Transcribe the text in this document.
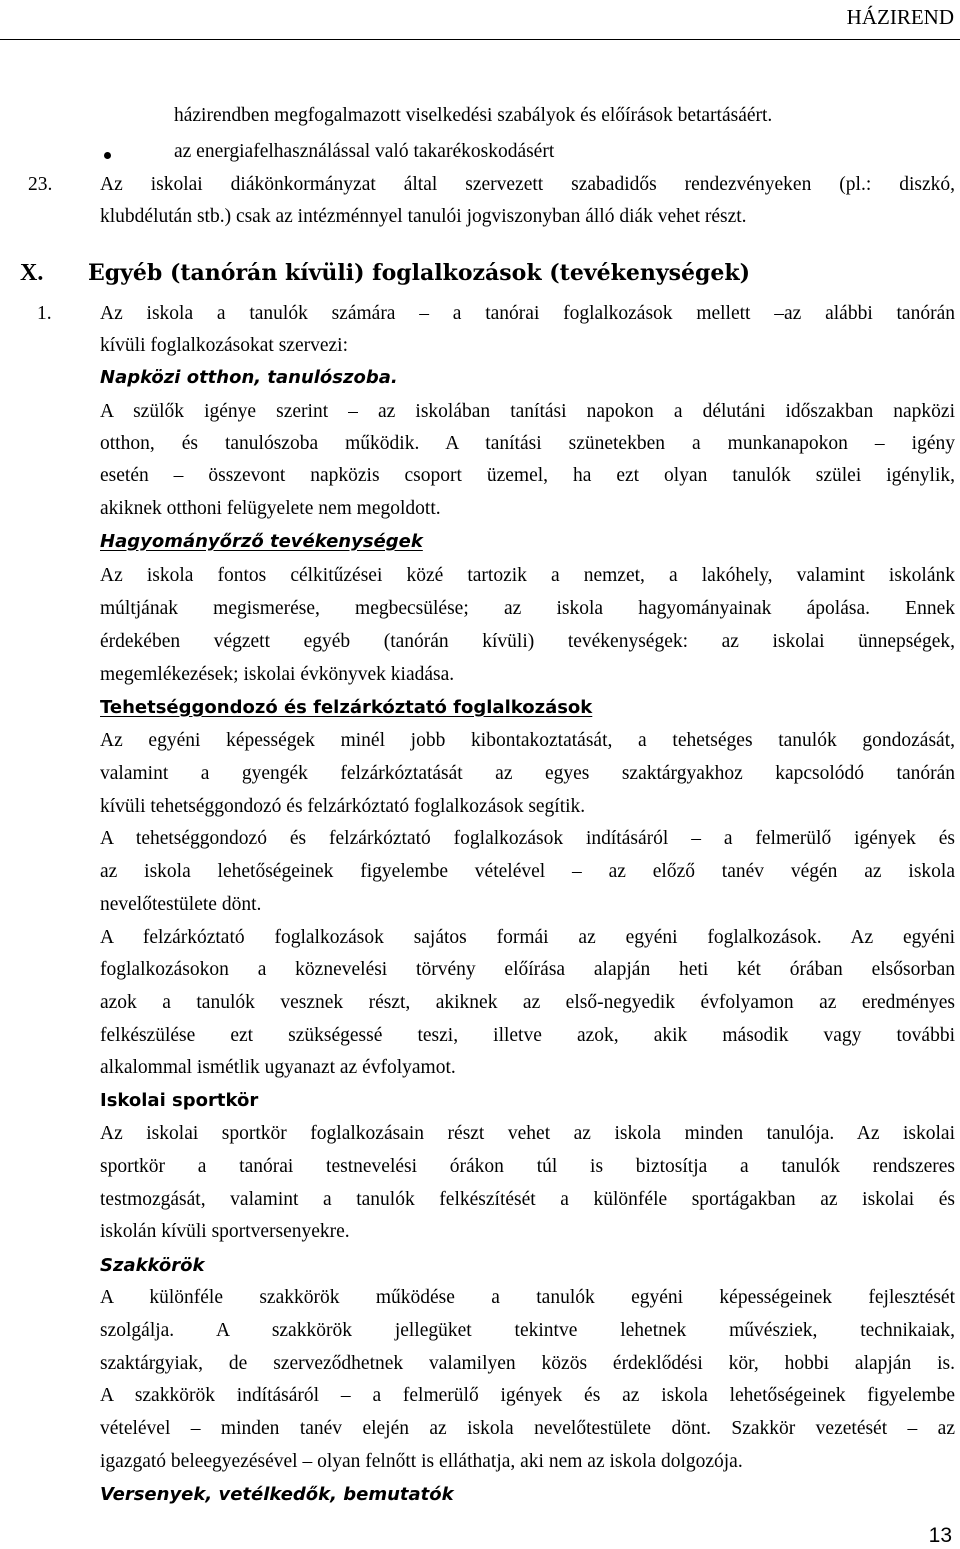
HÁZIREND
házirendben megfogalmazott viselkedési szabályok és előírások betartásáért.
az energiafelhasználással való takarékoskodásért
23. Az iskolai diákönkormányzat által szervezett szabadidős rendezvényeken (pl.: diszkó,
klubdélután stb.) csak az intézménnyel tanulói jogviszonyban álló diák vehet részt.
X. Egyéb (tanórán kívüli) foglalkozások (tevékenységek)
1. Az iskola a tanulók számára – a tanórai foglalkozások mellett –az alábbi tanórán
kívüli foglalkozásokat szervezi:
Napközi otthon, tanulószoba.
A szülők igénye szerint – az iskolában tanítási napokon a délutáni időszakban napközi
otthon, és tanulószoba működik. A tanítási szünetekben a munkanapokon – igény
esetén – összevont napközis csoport üzemel, ha ezt olyan tanulók szülei igénylik,
akiknek otthoni felügyelete nem megoldott.
Hagyományőrző tevékenységek
Az iskola fontos célkitűzései közé tartozik a nemzet, a lakóhely, valamint iskolánk
múltjának megismerése, megbecsülése; az iskola hagyományainak ápolása. Ennek
érdekében végzett egyéb (tanórán kívüli) tevékenységek: az iskolai ünnepségek,
megemlékezések; iskolai évkönyvek kiadása.
Tehetséggondozó és felzárkóztató foglalkozások
Az egyéni képességek minél jobb kibontakoztatását, a tehetséges tanulók gondozását,
valamint a gyengék felzárkóztatását az egyes szaktárgyakhoz kapcsolódó tanórán
kívüli tehetséggondozó és felzárkóztató foglalkozások segítik.
A tehetséggondozó és felzárkóztató foglalkozások indításáról – a felmerülő igények és
az iskola lehetőségeinek figyelembe vételével – az előző tanév végén az iskola
nevelőtestülete dönt.
A felzárkóztató foglalkozások sajátos formái az egyéni foglalkozások. Az egyéni
foglalkozásokon a köznevelési törvény előírása alapján heti két órában elsősorban
azok a tanulók vesznek részt, akiknek az első-negyedik évfolyamon az eredményes
felkészülése ezt szükségessé teszi, illetve azok, akik második vagy további
alkalommal ismétlik ugyanazt az évfolyamot.
Iskolai sportkör
Az iskolai sportkör foglalkozásain részt vehet az iskola minden tanulója. Az iskolai
sportkör a tanórai testnevelési órákon túl is biztosítja a tanulók rendszeres
testmozgását, valamint a tanulók felkészítését a különféle sportágakban az iskolai és
iskolán kívüli sportversenyekre.
Szakkörök
A különféle szakkörök működése a tanulók egyéni képességeinek fejlesztését
szolgálja. A szakkörök jellegüket tekintve lehetnek művésziek, technikaiak,
szaktárgyiak, de szerveződhetnek valamilyen közös érdeklődési kör, hobbi alapján is.
A szakkörök indításáról – a felmerülő igények és az iskola lehetőségeinek figyelembe
vételével – minden tanév elején az iskola nevelőtestülete dönt. Szakkör vezetését – az
igazgató beleegyezésével – olyan felnőtt is elláthatja, aki nem az iskola dolgozója.
Versenyek, vetélkedők, bemutatók
13
